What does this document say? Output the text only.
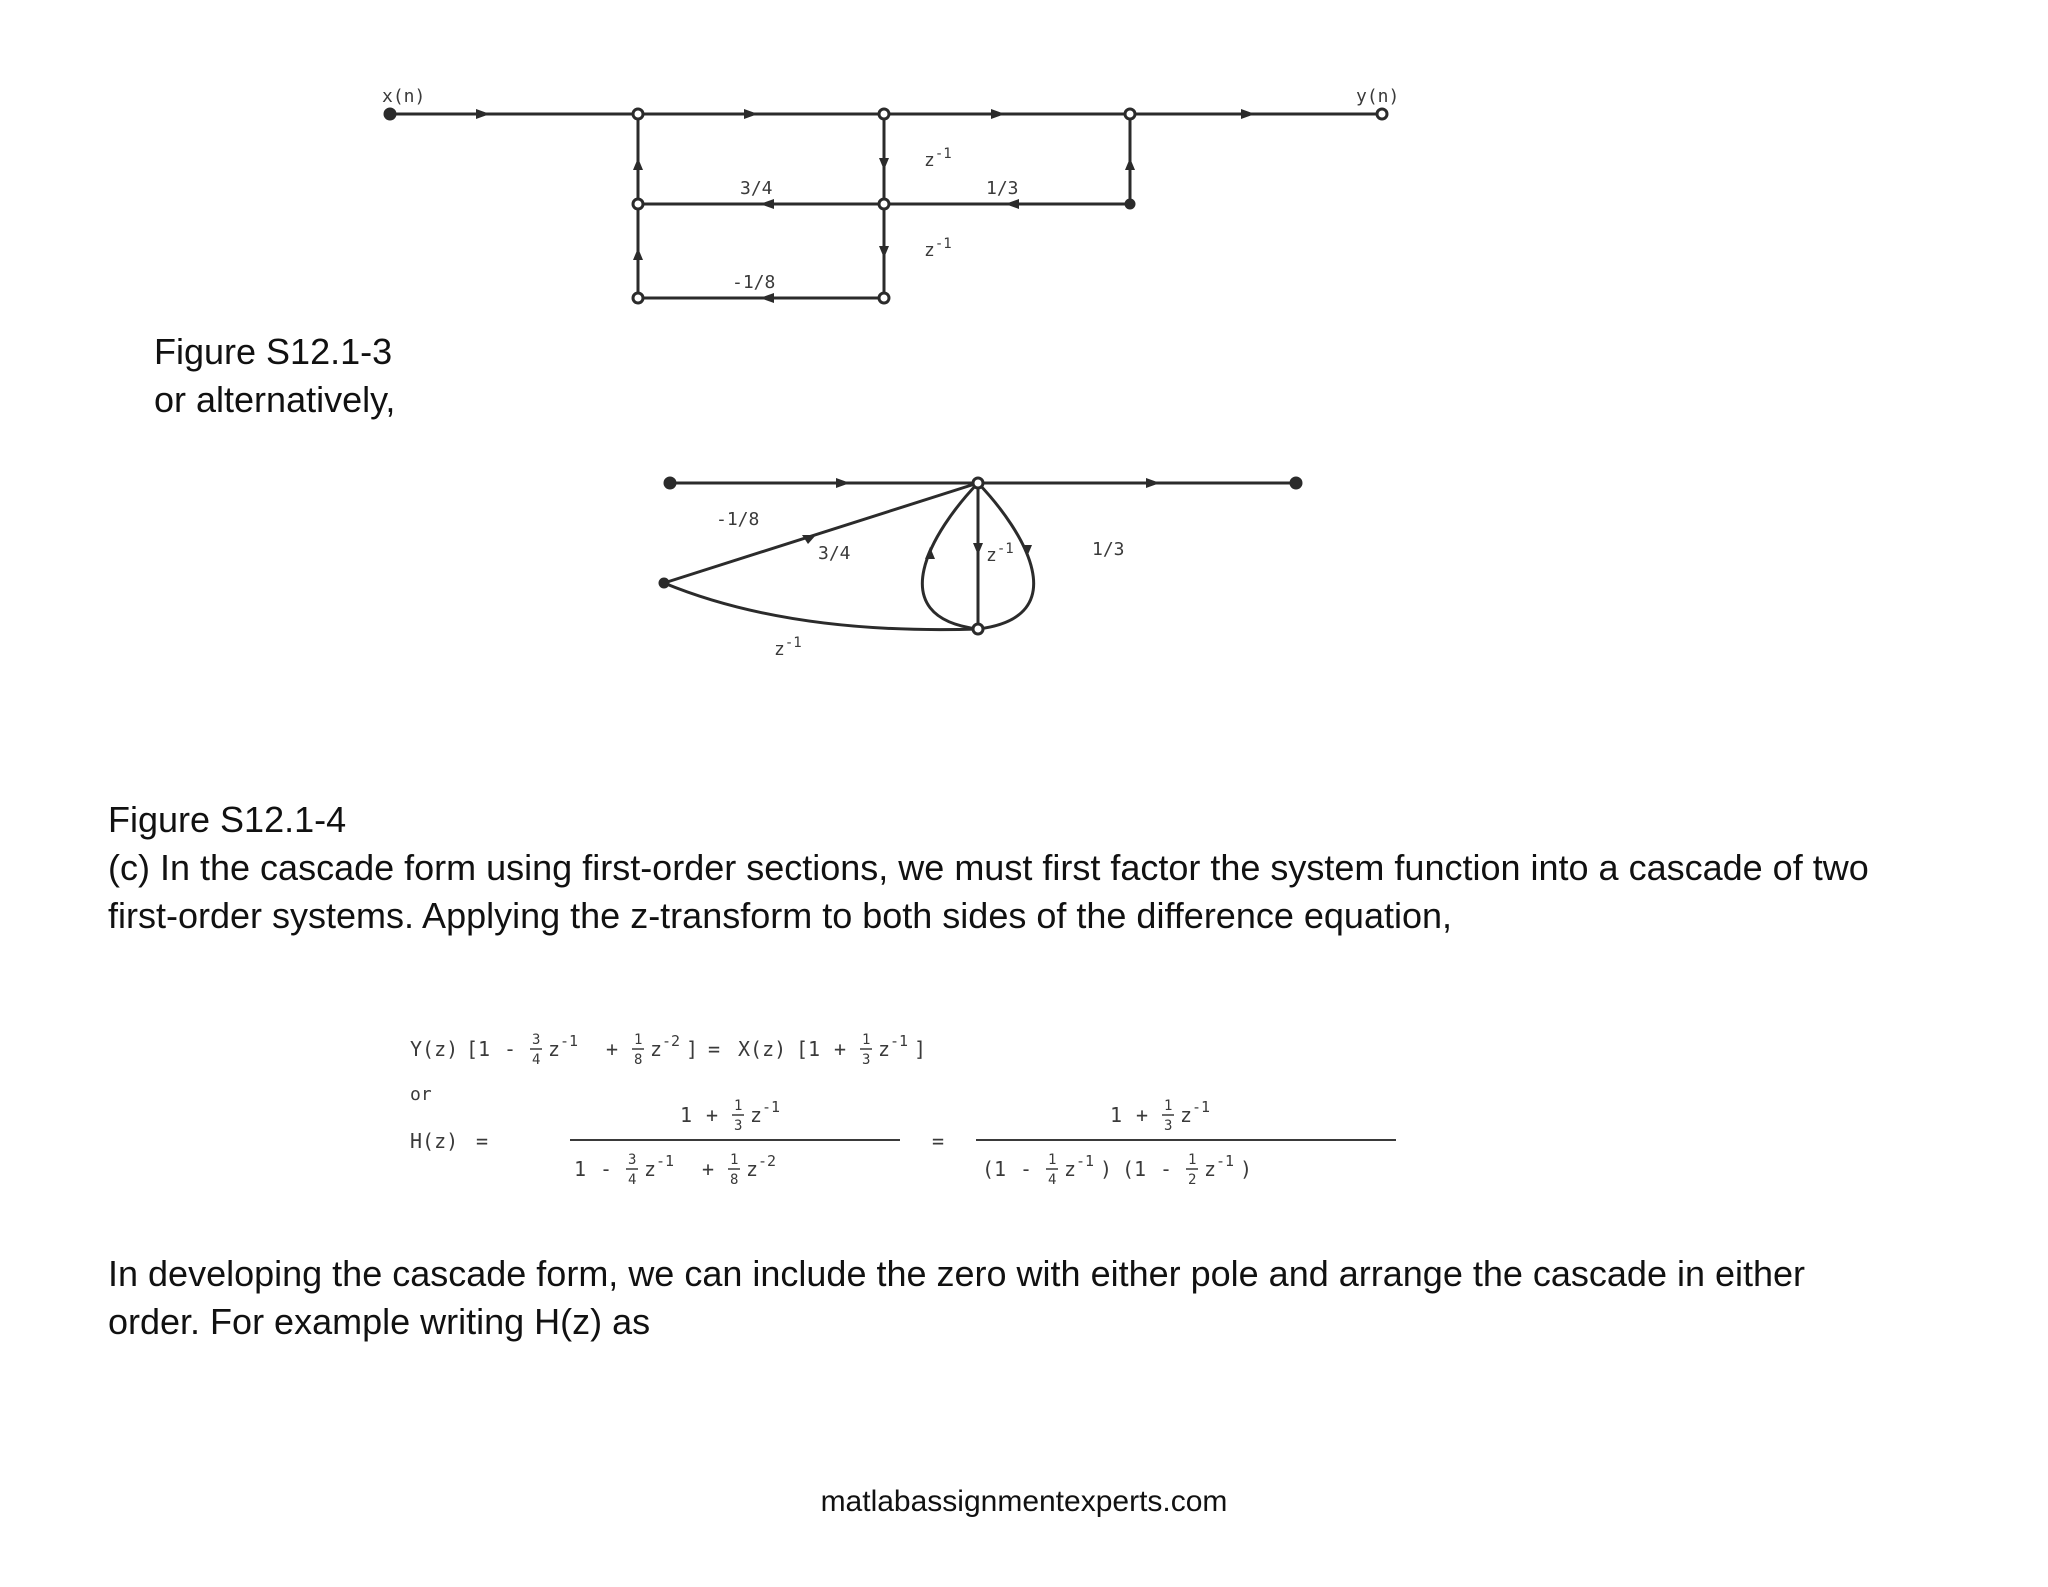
x(n)	y(n)
3/4	1/3
-1/8
$z^{-1}$
$z^{-1}$
Figure S12.1-3
or alternatively,
-1/8
3/4	1/3
$z^{-1}$
$z^{-1}$
Figure S12.1-4
(c) In the cascade form using first-order sections, we must first factor the system function into a cascade of two
first-order systems. Applying the z-transform to both sides of the difference equation,
Y(z) [ 1 - 3
4 z -1 + 1
8 z -2 ] = X(z) [ 1 + 1
3 z -1 ]
or
H(z) =
1 + 1
3 z -1
1 - 3
4 z -1 + 1
8 z -2
=
1 + 1
3 z -1
( 1 - 1
4 z -1 ) ( 1 - 1
2 z -1 )
In developing the cascade form, we can include the zero with either pole and arrange the cascade in either
order. For example writing H(z) as
matlabassignmentexperts.com
